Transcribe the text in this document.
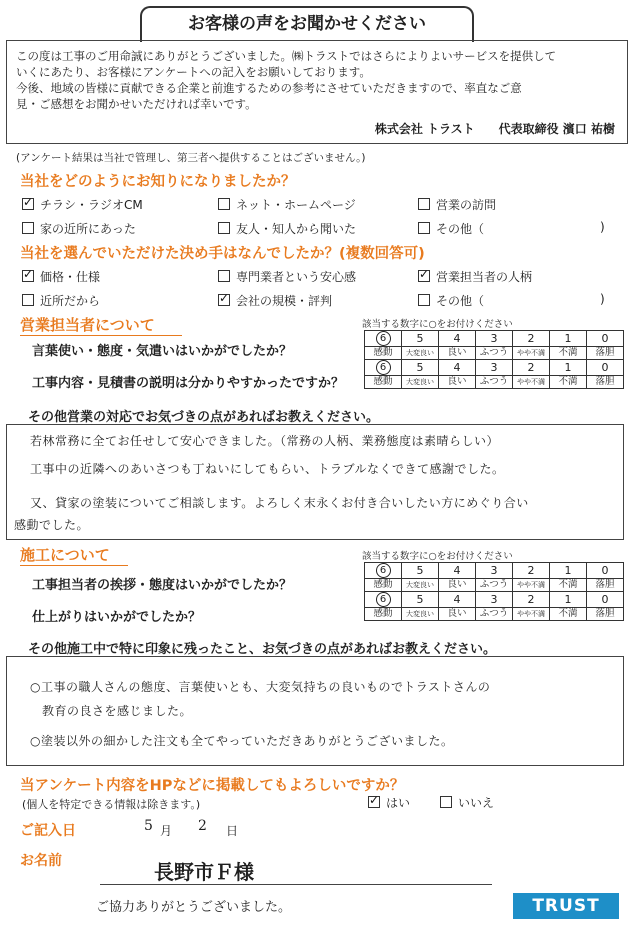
お客様の声をお聞かせください
この度は工事のご用命誠にありがとうございました。㈱トラストではさらによりよいサービスを提供して
いくにあたり、お客様にアンケートへの記入をお願いしております。
今後、地域の皆様に貢献できる企業と前進するための参考にさせていただきますので、率直なご意
見・ご感想をお聞かせいただければ幸いです。
株式会社 トラスト　　代表取締役 濱口 祐樹
(アンケート結果は当社で管理し、第三者へ提供することはございません。)
当社をどのようにお知りになりましたか？
✓チラシ・ラジオCM	ネット・ホームページ	営業の訪問
家の近所にあった	友人・知人から聞いた	その他（	)
当社を選んでいただけた決め手はなんでしたか？(複数回答可)
✓価格・仕様	専門業者という安心感 ✓	営業担当者の人柄
近所だから ✓	会社の規模・評判	その他（	)
営業担当者について	該当する数字に○をお付けください
言葉使い・態度・気遣いはいかがでしたか？
工事内容・見積書の説明は分かりやすかったですか？
6	5	4	3	2	1	0
感動	大変良い	良い	ふつう	やや不満	不満	落胆
6	5	4	3	2	1	0
感動	大変良い	良い	ふつう	やや不満	不満	落胆
その他営業の対応でお気づきの点があればお教えください。
若林常務に全てお任せして安心できました。（常務の人柄、業務態度は素晴らしい）
工事中の近隣へのあいさつも丁ねいにしてもらい、トラブルなくできて感謝でした。
又、貸家の塗装についてご相談します。よろしく末永くお付き合いしたい方にめぐり合い
感動でした。
施工について	該当する数字に○をお付けください
工事担当者の挨拶・態度はいかがでしたか？
仕上がりはいかがでしたか？
6	5	4	3	2	1	0
感動	大変良い	良い	ふつう	やや不満	不満	落胆
6	5	4	3	2	1	0
感動	大変良い	良い	ふつう	やや不満	不満	落胆
その他施工中で特に印象に残ったこと、お気づきの点があればお教えください。
○工事の職人さんの態度、言葉使いとも、大変気持ちの良いものでトラストさんの
教育の良さを感じました。
○塗装以外の細かした注文も全てやっていただきありがとうございました。
当アンケート内容をHPなどに掲載してもよろしいですか？
(個人を特定できる情報は除きます。) ✓	はい	いいえ
ご記入日	5 月 2 日
お名前	長野市Ｆ様
ご協力ありがとうございました。	TRUST
